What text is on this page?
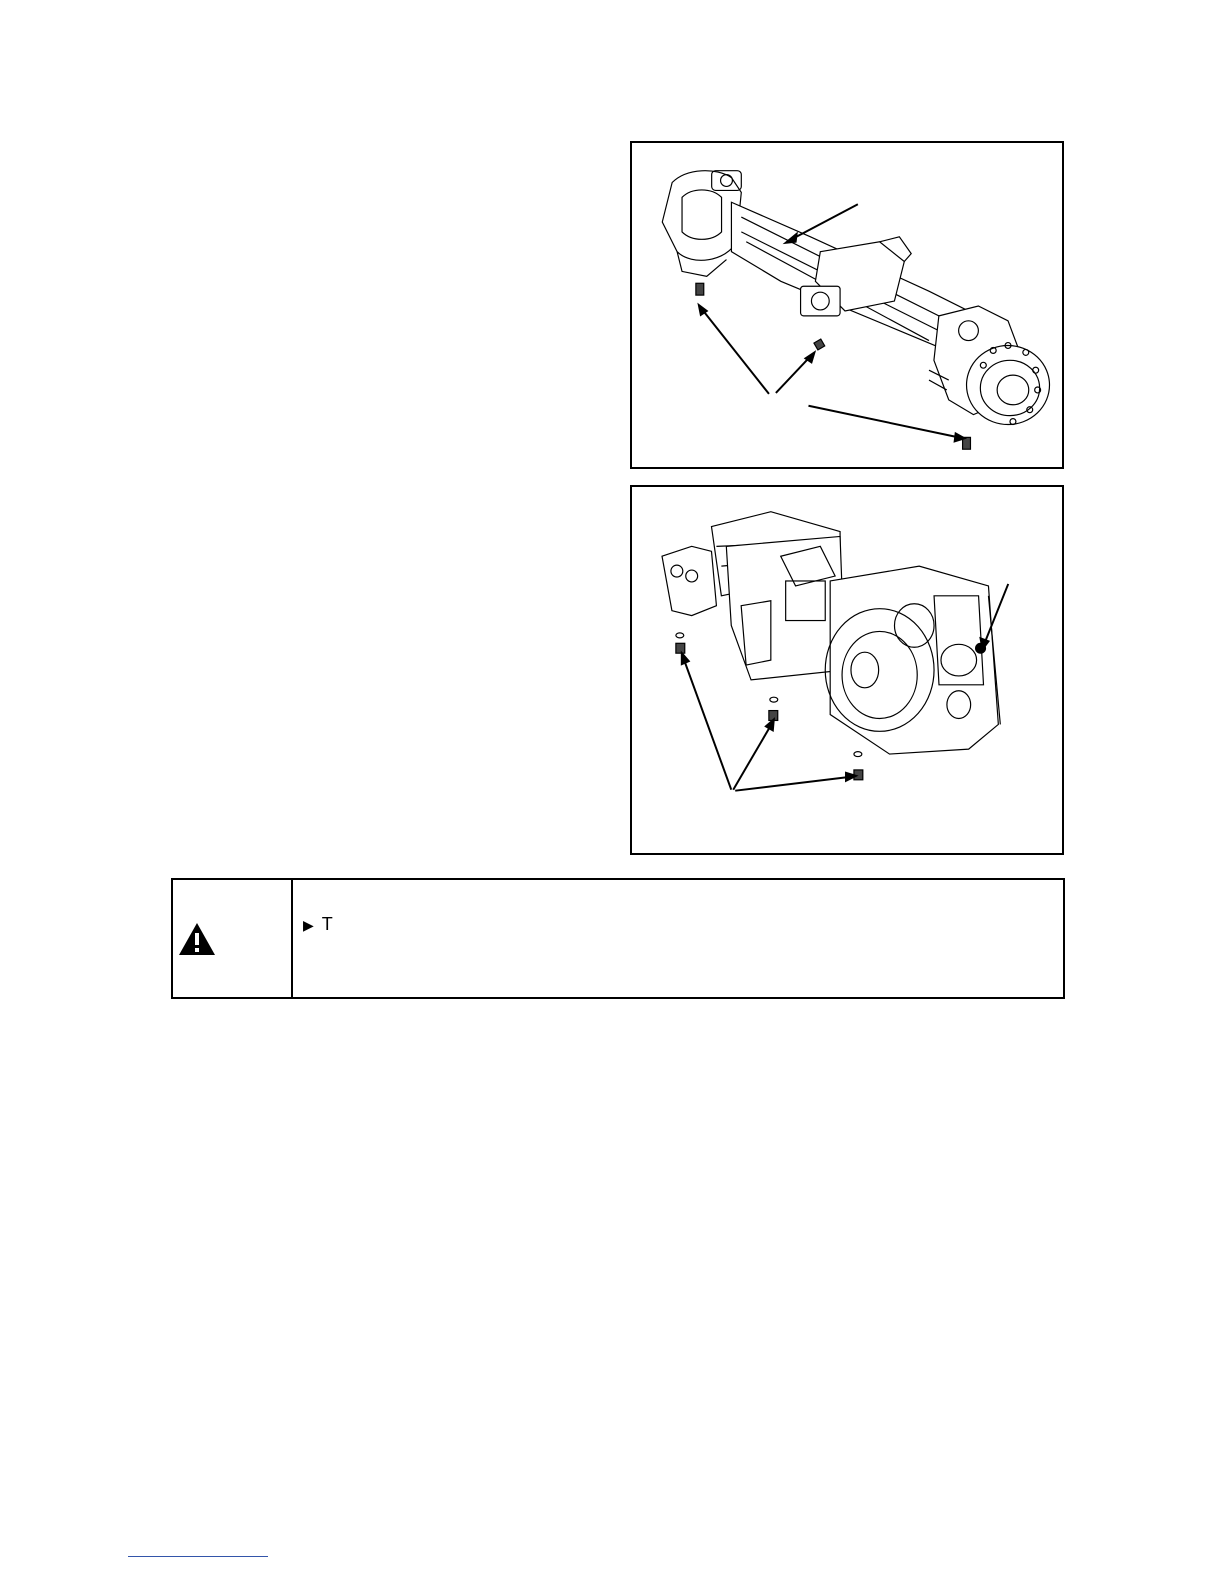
▶ T
